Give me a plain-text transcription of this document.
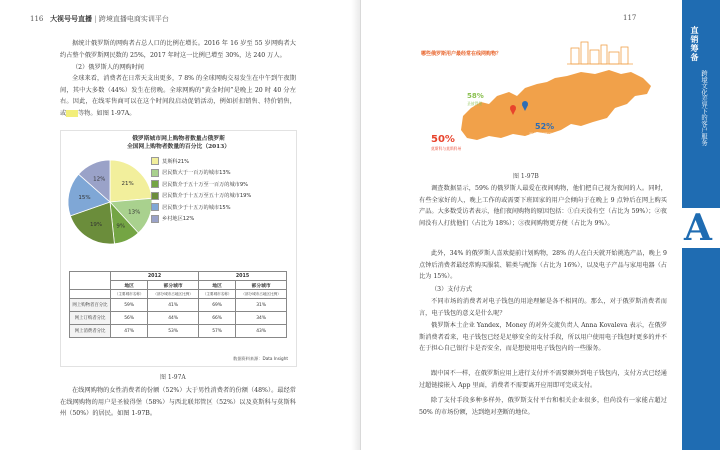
116 大视号号直播 | 跨境直播电商实训平台
据统计俄罗斯的网购者占总人口的比例在增长。2016 年 16 岁至 55 岁网购者大约占整个俄罗斯网民数的 25%，2017 年时这一比例已增至 30%，达 240 万人。
（2）俄罗斯人的网购时间
全球来看，消费者在日常天支出更多，7 8% 的全球网购交易发生在中午到午夜期间，其中大多数（44%）发生在傍晚。全球网购的“黄金时间”是晚上 20 时 40 分左右。因此，在线零售商可以在这个时间段启动促销活动，例如折扣销售、特价销售，或 等物。如图 1-97A。
俄罗斯城市网上购物者数量占俄罗斯
全国网上购物者数量的百分比（2013）
21%
13%
9%
19%
15%
12%
莫斯科21%
居民数大于一百万的城市13%
居民数介于五十万至一百万的城市9%
居民数介于十五万至五十万的城市19%
居民数少于十五万的城市15%
乡村地区12%
	2012		2015	

	地区	部分城市	地区	部分城市

	（主要城市名称）	（部分城市占地区比例）	（主要城市名称）	（部分城市占地区比例）
网上购物者百分比	59%	41%	69%	31%
网上订购者分比	56%	44%	66%	34%
网上消费者分比	47%	53%	57%	43%
数据资料来源：Data Insight
图 1-97A
在线网购物的女性消费者的份额（52%）大于男性消费者的份额（48%）。最经常在线网购物的用户是圣彼得堡（58%）与西北联邦管区（52%）以及莫斯科与莫斯科州（50%）的居民。如图 1-97B。
117
直销筹备
跨境文化差异下的客户服务
A
哪些俄罗斯用户最经常在线网购物？
58%
圣彼得堡
52%
西北联邦管区
50%
莫斯科与莫斯科州
图 1-97B
调查数据显示，59% 的俄罗斯人最爱在夜间购物，他们把自己视为夜间的人。同时，有些全家好的人，晚上工作的或需要下班回家的用户会倾向于在晚上 9 点钟后在网上购买产品。大多数受访者表示，他们夜间购物的原因包括：①白天没有空（占比为 59%）；②夜间没有人打扰他们（占比为 18%）；③夜间购物更方便（占比为 9%）。
此外，34% 的俄罗斯人喜欢提前计划购物，28% 的人在白天就开始挑选产品，晚上 9 点钟后消费者最经常购买服装、鞋类与配饰（占比为 16%），以及电子产品与家用电器（占比为 15%）。
（3）支付方式
不同市场的消费者对电子钱包的用途理解是各不相同的。那么，对于俄罗斯消费者而言，电子钱包的意义是什么呢？
俄罗斯本土企业 Yandex，Money 的对外交流负责人 Anna Kovaleva 表示，在俄罗斯消费者看来，电子钱包已经是足够安全的支付手段，所以用户使用电子钱包时更多的并不在于担心自己银行卡是否安全，而是想使用电子钱包内的一些服务。
跟中国不一样，在俄罗斯应用上进行支付并不需要额外到电子钱包内，支付方式已经通过超链接嵌入 App 里面，消费者不需要离开应用即可完成支付。
除了支付手段多种多样外，俄罗斯支付平台和相关企业很多，但尚没有一家能占超过 50% 的市场份额，达到绝对垄断的地位。
